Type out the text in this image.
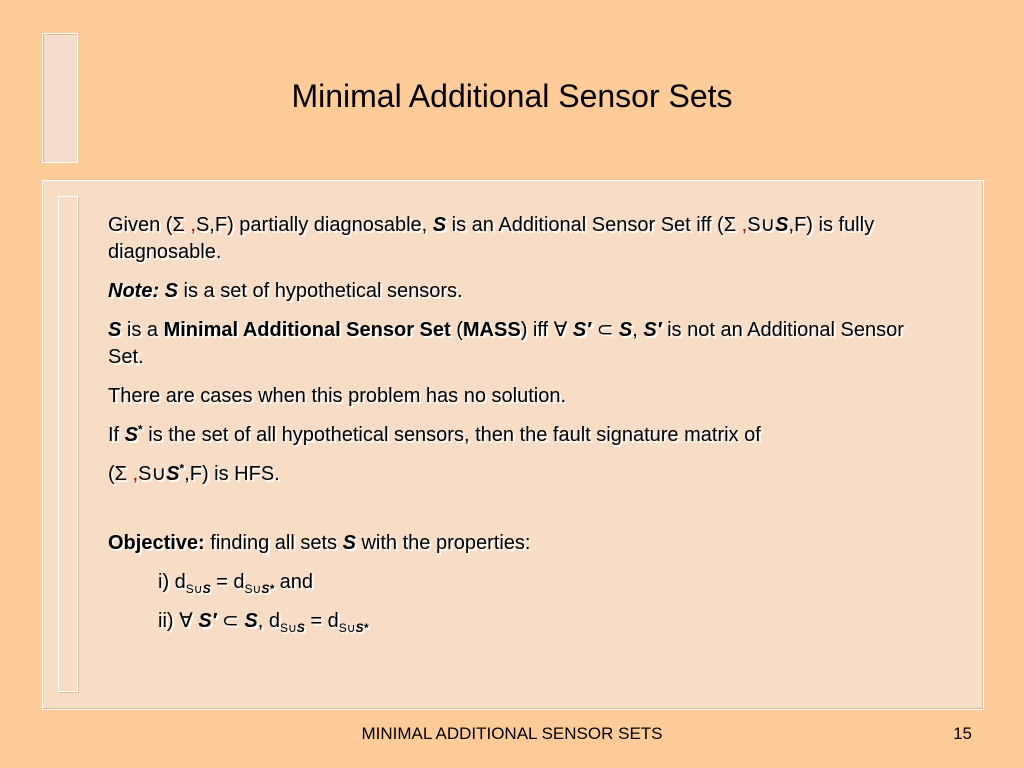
Minimal Additional Sensor Sets

Given (Σ ,S,F) partially diagnosable, S is an Additional Sensor Set iff (Σ ,S∪S,F) is fully diagnosable.

Note: S is a set of hypothetical sensors.

S is a Minimal Additional Sensor Set (MASS) iff ∀ S′ ⊂ S, S′ is not an Additional Sensor Set.

There are cases when this problem has no solution.

If S* is the set of all hypothetical sensors, then the fault signature matrix of

(Σ ,S∪S*,F) is HFS.

Objective: finding all sets S with the properties:

i) $d_{S\cup S} = d_{S\cup S*}$ and

ii) ∀ S′ ⊂ S, $d_{S\cup S} = d_{S\cup S*}$

MINIMAL ADDITIONAL SENSOR SETS	15
